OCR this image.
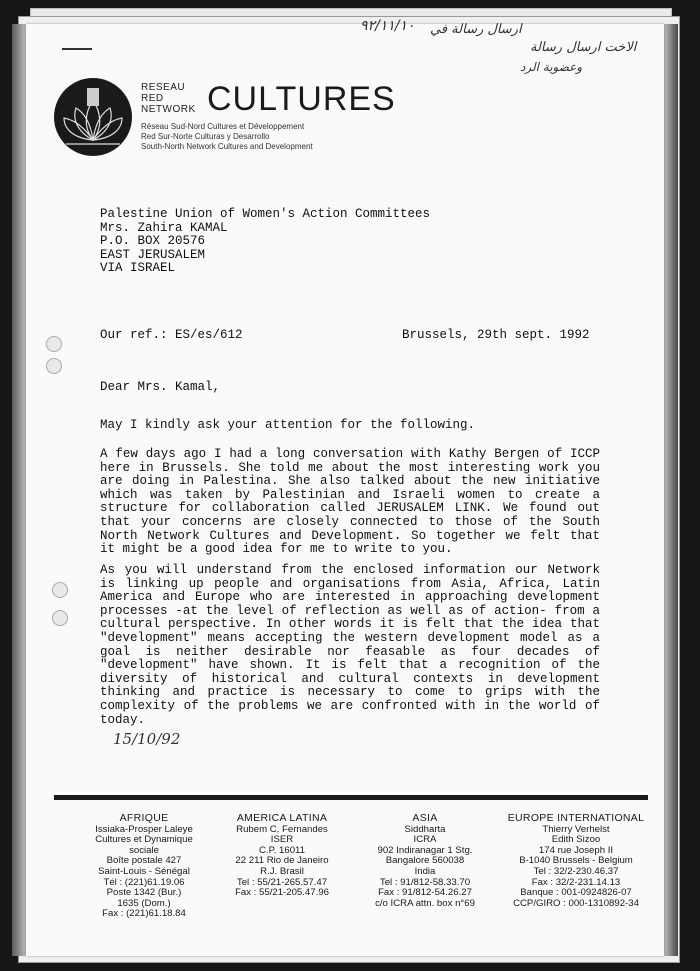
٩٢/١١/١٠ ارسال رسالة في
الاخت ارسال رسالة
وعضوية الرد
RESEAU
RED
NETWORK CULTURES
Réseau Sud-Nord Cultures et Développement
Red Sur-Norte Culturas y Desarrollo
South-North Network Cultures and Development
Palestine Union of Women's Action Committees
Mrs. Zahira KAMAL
P.O. BOX 20576
EAST JERUSALEM
VIA ISRAEL
Our ref.: ES/es/612	Brussels, 29th sept. 1992
Dear Mrs. Kamal,
May I kindly ask your attention for the following.
A few days ago I had a long conversation with Kathy Bergen of ICCP here in Brussels. She told me about the most interesting work you are doing in Palestina. She also talked about the new initiative which was taken by Palestinian and Israeli women to create a structure for collaboration called JERUSALEM LINK. We found out that your concerns are closely connected to those of the South North Network Cultures and Development. So together we felt that it might be a good idea for me to write to you.
As you will understand from the enclosed information our Network is linking up people and organisations from Asia, Africa, Latin America and Europe who are interested in approaching development processes -at the level of reflection as well as of action- from a cultural perspective. In other words it is felt that the idea that "development" means accepting the western development model as a goal is neither desirable nor feasable as four decades of "development" have shown. It is felt that a recognition of the diversity of historical and cultural contexts in development thinking and practice is necessary to come to grips with the complexity of the problems we are confronted with in the world of today.
15/10/92
AFRIQUE
Issiaka-Prosper Laleye
Cultures et Dynamique sociale
Boîte postale 427
Saint-Louis - Sénégal
Tél : (221)61.19.06
Poste 1342 (Bur.)
1635 (Dom.)
Fax : (221)61.18.84
AMERICA LATINA
Rubem C. Fernandes
ISER
C.P. 16011
22 211 Rio de Janeiro
R.J. Brasil
Tel : 55/21-265.57.47
Fax : 55/21-205.47.96
ASIA
Siddharta
ICRA
902 Indiranagar 1 Stg.
Bangalore 560038
India
Tel : 91/812-58.33.70
Fax : 91/812-54.26.27
c/o ICRA attn. box n°69
EUROPE INTERNATIONAL
Thierry Verhelst
Edith Sizoo
174 rue Joseph II
B-1040 Brussels - Belgium
Tel : 32/2-230.46.37
Fax : 32/2-231.14.13
Banque : 001-0924826-07
CCP/GIRO : 000-1310892-34
